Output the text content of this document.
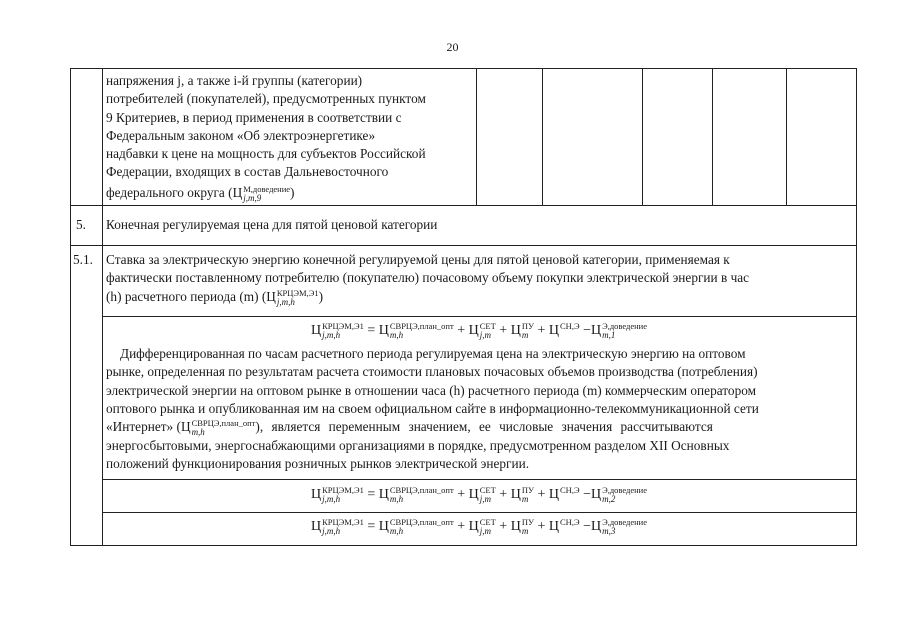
20
напряжения j, а также i-й группы (категории)
потребителей (покупателей), предусмотренных пунктом
9 Критериев, в период применения в соответствии с
Федеральным законом «Об электроэнергетике»
надбавки к цене на мощность для субъектов Российской
Федерации, входящих в состав Дальневосточного
федерального округа (Ц М,доведение
j,m,9	)
5. Конечная регулируемая цена для пятой ценовой категории
5.1. Ставка за электрическую энергию конечной регулируемой цены для пятой ценовой категории, применяемая к
фактически поставленному потребителю (покупателю) почасовому объему покупки электрической энергии в час
(h) расчетного периода (m) (Ц КРЦЭМ,Э1
j,m,h	)
Ц КРЦЭМ,Э1
j,m,h	= Ц СВРЦЭ,план_опт
m,h	+ Ц СЕТ
j,m + Ц ПУ
m + Ц СН,Э
−Ц Э,доведение
m,1
Дифференцированная по часам расчетного периода регулируемая цена на электрическую энергию на оптовом
рынке, определенная по результатам расчета стоимости плановых почасовых объемов производства (потребления)
электрической энергии на оптовом рынке в отношении часа (h) расчетного периода (m) коммерческим оператором
оптового рынка и опубликованная им на своем официальном сайте в информационно-телекоммуникационной сети
«Интернет» (Ц СВРЦЭ,план_опт
m,h	), является переменным значением, ее числовые значения рассчитываются
энергосбытовыми, энергоснабжающими организациями в порядке, предусмотренном разделом XII Основных
положений функционирования розничных рынков электрической энергии.
Ц КРЦЭМ,Э1
j,m,h	= Ц СВРЦЭ,план_опт
m,h	+ Ц СЕТ
j,m + Ц ПУ
m + Ц СН,Э
−Ц Э,доведение
m,2
Ц КРЦЭМ,Э1
j,m,h	= Ц СВРЦЭ,план_опт
m,h	+ Ц СЕТ
j,m + Ц ПУ
m + Ц СН,Э
−Ц Э,доведение
m,3
